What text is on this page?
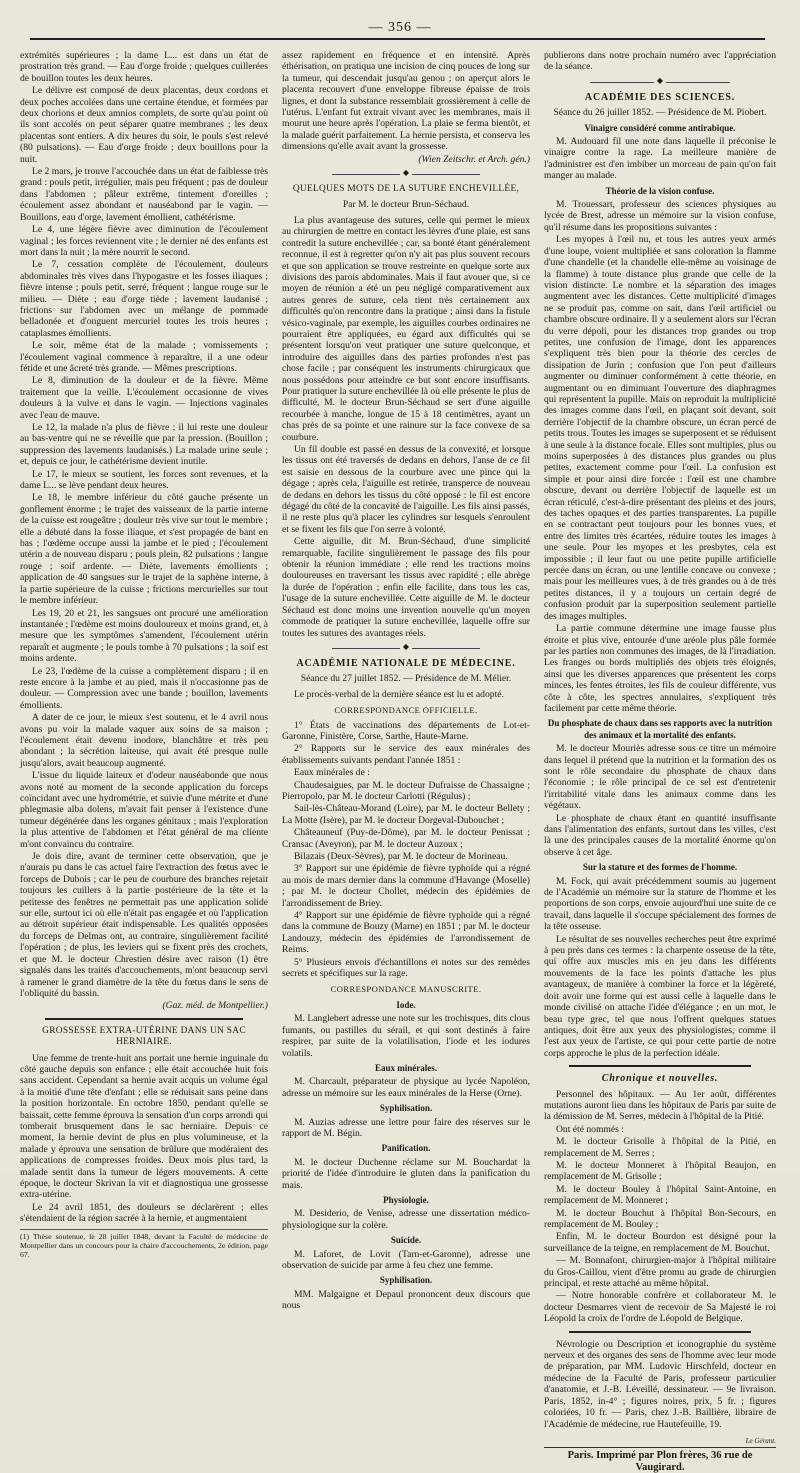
— 356 —

extrémités supérieures ; la dame L... est dans un état de prostration très grand. — Eau d'orge froide ; quelques cuillerées de bouillon toutes les deux heures.

Le délivre est composé de deux placentas, deux cordons et deux poches accolées dans une certaine étendue, et formées par deux chorions et deux amnios complets, de sorte qu'au point où ils sont accolés on peut séparer quatre membranes ; les deux placentas sont entiers. A dix heures du soir, le pouls s'est relevé (80 pulsations). — Eau d'orge froide ; deux bouillons pour la nuit.

Le 2 mars, je trouve l'accouchée dans un état de faiblesse très grand : pouls petit, irrégulier, mais peu fréquent ; pas de douleur dans l'abdomen ; pâleur extrême, tintement d'oreilles ; écoulement assez abondant et nauséabond par le vagin. — Bouillons, eau d'orge, lavement émollient, cathétérisme.

Le 4, une légère fièvre avec diminution de l'écoulement vaginal ; les forces reviennent vite ; le dernier né des enfants est mort dans la nuit ; la mère nourrit le second.

Le 7, cessation complète de l'écoulement, douleurs abdominales très vives dans l'hypogastre et les fosses iliaques ; fièvre intense ; pouls petit, serré, fréquent ; langue rouge sur le milieu. — Diète ; eau d'orge tiède ; lavement laudanisé ; frictions sur l'abdomen avec un mélange de pommade belladonée et d'onguent mercuriel toutes les trois heures ; cataplasmes émollients.

Le soir, même état de la malade ; vomissements ; l'écoulement vaginal commence à reparaître, il a une odeur fétide et une âcreté très grande. — Mêmes prescriptions.

Le 8, diminution de la douleur et de la fièvre. Même traitement que la veille. L'écoulement occasionne de vives douleurs à la vulve et dans le vagin. — Injections vaginales avec l'eau de mauve.

Le 12, la malade n'a plus de fièvre ; il lui reste une douleur au bas-ventre qui ne se réveille que par la pression. (Bouillon ; suppression des lavements laudanisés.) La malade urine seule ; et, depuis ce jour, le cathétérisme devient inutile.

Le 17, le mieux se soutient, les forces sont revenues, et la dame L... se lève pendant deux heures.

Le 18, le membre inférieur du côté gauche présente un gonflement énorme ; le trajet des vaisseaux de la partie interne de la cuisse est rougeâtre ; douleur très vive sur tout le membre ; elle a débuté dans la fosse iliaque, et s'est propagée de bant en bas ; l'œdème occupe aussi la jambe et le pied ; l'écoulement utérin a de nouveau disparu ; pouls plein, 82 pulsations ; langue rouge ; soif ardente. — Diète, lavements émollients ; application de 40 sangsues sur le trajet de la saphène interne, à la partie supérieure de la cuisse ; frictions mercurielles sur tout le membre inférieur.

Les 19, 20 et 21, les sangsues ont procuré une amélioration instantanée ; l'œdème est moins douloureux et moins grand, et, à mesure que les symptômes s'amendent, l'écoulement utérin reparaît et augmente ; le pouls tombe à 70 pulsations ; la soif est moins ardente.

Le 23, l'œdème de la cuisse a complètement disparu ; il en reste encore à la jambe et au pied, mais il n'occasionne pas de douleur. — Compression avec une bande ; bouillon, lavements émollients.

A dater de ce jour, le mieux s'est soutenu, et le 4 avril nous avons pu voir la malade vaquer aux soins de sa maison ; l'écoulement était devenu inodore, blanchâtre et très peu abondant ; la sécrétion laiteuse, qui avait été presque nulle jusqu'alors, avait beaucoup augmenté.

L'issue du liquide laiteux et d'odeur nauséabonde que nous avons noté au moment de la seconde application du forceps coïncidant avec une hydrométrie, et suivie d'une métrite et d'une phlegmasie alba dolens, m'avait fait penser à l'existence d'une tumeur dégénérée dans les organes génitaux ; mais l'exploration la plus attentive de l'abdomen et l'état général de ma cliente m'ont convaincu du contraire.

Je dois dire, avant de terminer cette observation, que je n'aurais pu dans le cas actuel faire l'extraction des fœtus avec le forceps de Dubois ; car le peu de courbure des branches rejetait toujours les cuillers à la partie postérieure de la tête et la petitesse des fenêtres ne permettait pas une application solide sur elle, surtout ici où elle n'était pas engagée et où l'application au détroit supérieur était indispensable. Les qualités opposées du forceps de Delmas ont, au contraire, singulièrement facilité l'opération ; de plus, les leviers qui se fixent près des crochets, et que M. le docteur Chrestien désire avec raison (1) être signalés dans les traités d'accouchements, m'ont beaucoup servi à ramener le grand diamètre de la tête du fœtus dans le sens de l'obliquité du bassin.

(Gaz. méd. de Montpellier.)

GROSSESSE EXTRA-UTÉRINE DANS UN SAC HERNIAIRE.

Une femme de trente-huit ans portait une hernie inguinale du côté gauche depuis son enfance ; elle était accouchée huit fois sans accident. Cependant sa hernie avait acquis un volume égal à la moitié d'une tête d'enfant ; elle se réduisait sans peine dans la position horizontale. En octobre 1850, pendant qu'elle se baissait, cette femme éprouva la sensation d'un corps arrondi qui tomberait brusquement dans le sac herniaire. Depuis ce moment, la hernie devint de plus en plus volumineuse, et la malade y éprouva une sensation de brûlure que modéraient des applications de compresses froides. Deux mois plus tard, la malade sentit dans la tumeur de légers mouvements. A cette époque, le docteur Skrivan la vit et diagnostiqua une grossesse extra-utérine.

Le 24 avril 1851, des douleurs se déclarèrent ; elles s'étendaient de la région sacrée à la hernie, et augmentaient

(1) Thèse soutenue, le 28 juillet 1848, devant la Faculté de médecine de Montpellier dans un concours pour la chaire d'accouchements, 2e édition, page 67.

assez rapidement en fréquence et en intensité. Après éthérisation, on pratiqua une incision de cinq pouces de long sur la tumeur, qui descendait jusqu'au genou ; on aperçut alors le placenta recouvert d'une enveloppe fibreuse épaisse de trois lignes, et dont la substance ressemblait grossièrement à celle de l'utérus. L'enfant fut extrait vivant avec les membranes, mais il mourut une heure après l'opération. La plaie se ferma bientôt, et la malade guérit parfaitement. La hernie persista, et conserva les dimensions qu'elle avait avant la grossesse.

(Wien Zeitschr. et Arch. gén.)

◆
QUELQUES MOTS DE LA SUTURE ENCHEVILLÉE,
Par M. le docteur Brun-Séchaud.

La plus avantageuse des sutures, celle qui permet le mieux au chirurgien de mettre en contact les lèvres d'une plaie, est sans contredit la suture enchevillée ; car, sa bonté étant généralement reconnue, il est à regretter qu'on n'y ait pas plus souvent recours et que son application se trouve restreinte en quelque sorte aux divisions des parois abdominales. Mais il faut avouer que, si ce moyen de réunion a été un peu négligé comparativement aux autres genres de suture, cela tient très certainement aux difficultés qu'on rencontre dans la pratique ; ainsi dans la fistule vésico-vaginale, par exemple, les aiguilles courbes ordinaires ne pourraient être appliquées, eu égard aux difficultés qui se présentent lorsqu'on veut pratiquer une suture quelconque, et introduire des aiguilles dans des parties profondes n'est pas chose facile ; par conséquent les instruments chirurgicaux que nous possédons pour atteindre ce but sont encore insuffisants. Pour pratiquer la suture enchevillée là où elle présente le plus de difficulté, M. le docteur Brun-Séchaud se sert d'une aiguille recourbée à manche, longue de 15 à 18 centimètres, ayant un chas près de sa pointe et une rainure sur la face convexe de sa courbure.

Un fil double est passé en dessus de la convexité, et lorsque les tissus ont été traversés de dedans en dehors, l'anse de ce fil est saisie en dessous de la courbure avec une pince qui la dégage ; après cela, l'aiguille est retirée, transperce de nouveau de dedans en dehors les tissus du côté opposé : le fil est encore dégagé du côté de la concavité de l'aiguille. Les fils ainsi passés, il ne reste plus qu'à placer les cylindres sur lesquels s'enroulent et se fixent les fils que l'on serre à volonté.

Cette aiguille, dit M. Brun-Séchaud, d'une simplicité remarquable, facilite singulièrement le passage des fils pour obtenir la réunion immédiate ; elle rend les tractions moins douloureuses en traversant les tissus avec rapidité ; elle abrège la durée de l'opération ; enfin elle facilite, dans tous les cas, l'usage de la suture enchevillée. Cette aiguille de M. le docteur Séchaud est donc moins une invention nouvelle qu'un moyen commode de pratiquer la suture enchevillée, laquelle offre sur toutes les sutures des avantages réels.

◆
ACADÉMIE NATIONALE DE MÉDECINE.
Séance du 27 juillet 1852. — Présidence de M. Mélier.

Le procès-verbal de la dernière séance est lu et adopté.

CORRESPONDANCE OFFICIELLE.

1° États de vaccinations des départements de Lot-et-Garonne, Finistère, Corse, Sarthe, Haute-Marne.

2° Rapports sur le service des eaux minérales des établissements suivants pendant l'année 1851 :

Eaux minérales de :

Chaudesaigues, par M. le docteur Dufraisse de Chassaigne ; Pierropolo, par M. le docteur Carlotti (Régulus) ;

Sail-lès-Château-Morand (Loire), par M. le docteur Bellety ; La Motte (Isère), par M. le docteur Dorgeval-Dubouchet ;

Châteauneuf (Puy-de-Dôme), par M. le docteur Penissat ; Cransac (Aveyron), par M. le docteur Auzoux ;

Bilazais (Deux-Sèvres), par M. le docteur de Morineau.

3° Rapport sur une épidémie de fièvre typhoïde qui a régné au mois de mars dernier dans la commune d'Havange (Moselle) ; par M. le docteur Chollet, médecin des épidémies de l'arrondissement de Briey.

4° Rapport sur une épidémie de fièvre typhoïde qui a régné dans la commune de Bouzy (Marne) en 1851 ; par M. le docteur Landouzy, médecin des épidémies de l'arrondissement de Reims.

5° Plusieurs envois d'échantillons et notes sur des remèdes secrets et spécifiques sur la rage.

CORRESPONDANCE MANUSCRITE.
Iode.

M. Langlebert adresse une note sur les trochisques, dits clous fumants, ou pastilles du sérail, et qui sont destinés à faire respirer, par suite de la volatilisation, l'iode et les iodures volatils.

Eaux minérales.

M. Charcault, préparateur de physique au lycée Napoléon, adresse un mémoire sur les eaux minérales de la Herse (Orne).

Syphilisation.

M. Auzias adresse une lettre pour faire des réserves sur le rapport de M. Bégin.

Panification.

M. le docteur Duchenne réclame sur M. Bouchardat la priorité de l'idée d'introduire le gluten dans la panification du mais.

Physiologie.

M. Desiderio, de Venise, adresse une dissertation médico-physiologique sur la colère.

Suicide.

M. Laforet, de Lovit (Tarn-et-Garonne), adresse une observation de suicide par arme à feu chez une femme.

Syphilisation.

MM. Malgaigne et Depaul prononcent deux discours que nous

publierons dans notre prochain numéro avec l'appréciation de la séance.

◆
ACADÉMIE DES SCIENCES.
Séance du 26 juillet 1852. — Présidence de M. Piobert.
Vinaigre considéré comme antirabique.

M. Audouard fil une note dans laquelle il préconise le vinaigre contre la rage. La meilleure manière de l'administrer est d'en imbiber un morceau de pain qu'on fait manger au malade.

Théorie de la vision confuse.

M. Trouessart, professeur des sciences physiques au lycée de Brest, adresse un mémoire sur la vision confuse, qu'il résume dans les propositions suivantes :

Les myopes à l'œil nu, et tous les autres yeux armés d'une loupe, voient multipliée et sans coloration la flamme d'une chandelle (et la chandelle elle-même au voisinage de la flamme) à toute distance plus grande que celle de la vision distincte. Le nombre et la séparation des images augmentent avec les distances. Cette multiplicité d'images ne se produit pas, comme on sait, dans l'œil artificiel ou chambre obscure ordinaire. Il y a seulement alors sur l'écran du verre dépoli, pour les distances trop grandes ou trop petites, une confusion de l'image, dont les apparences s'expliquent très bien pour la théorie des cercles de dissipation de Jurin ; confusion que l'on peut d'ailleurs augmenter ou diminuer conformément à cette théorie, en augmentant ou en diminuant l'ouverture des diaphragmes qui représentent la pupille. Mais on reproduit la multiplicité des images comme dans l'œil, en plaçant soit devant, soit derrière l'objectif de la chambre obscure, un écran percé de petits trous. Toutes les images se superposent et se réduisent à une seule à la distance focale. Elles sont multiples, plus ou moins superposées à des distances plus grandes ou plus petites, exactement comme pour l'œil. La confusion est simple et pour ainsi dire forcée : l'œil est une chambre obscure, devant ou derrière l'objectif de laquelle est un écran réticulé, c'est-à-dire présentant des pleins et des jours, des taches opaques et des parties transparentes. La pupille en se contractant peut toujours pour les bonnes vues, et entre des limites très écartées, réduire toutes les images à une seule. Pour les myopes et les presbytes, cela est impossible ; il leur faut ou une petite pupille artificielle percée dans un écran, ou une lentille concave ou convexe ; mais pour les meilleures vues, à de très grandes ou à de très petites distances, il y a toujours un certain degré de confusion produit par la superposition seulement partielle des images multiples.

La partie commune détermine une image fausse plus étroite et plus vive, entourée d'une aréole plus pâle formée par les parties non communes des images, de là l'irradiation. Les franges ou bords multipliés des objets très éloignés, ainsi que les diverses apparences que présentent les corps minces, les fentes étroites, les fils de couleur différente, vus côte à côte, les spectres annulaires, s'expliquent très facilement par cette même théorie.

Du phosphate de chaux dans ses rapports avec la nutrition des animaux et la mortalité des enfants.

M. le docteur Mouriès adresse sous ce titre un mémoire dans lequel il prétend que la nutrition et la formation des os sont le rôle secondaire du phosphate de chaux dans l'économie ; le rôle principal de ce sel est d'entretenir l'irritabilité vitale dans les animaux comme dans les végétaux.

Le phosphate de chaux étant en quantité insuffisante dans l'alimentation des enfants, surtout dans les villes, c'est là une des principales causes de la mortalité énorme qu'on observe à cet âge.

Sur la stature et des formes de l'homme.

M. Fock, qui avait précédemment soumis au jugement de l'Académie un mémoire sur la stature de l'homme et les proportions de son corps, envoie aujourd'hui une suite de ce travail, dans laquelle il s'occupe spécialement des formes de la tête osseuse.

Le résultat de ses nouvelles recherches peut être exprimé à peu près dans ces termes : la charpente osseuse de la tête, qui offre aux muscles mis en jeu dans les différents mouvements de la face les points d'attache les plus avantageux, de manière à combiner la force et la légèreté, doit avoir une forme qui est aussi celle à laquelle dans le monde civilisé on attache l'idée d'élégance ; en un mot, le beau type grec, tel que nous l'offrent quelques statues antiques, doit être aux yeux des physiologistes, comme il l'est aux yeux de l'artiste, ce qui pour cette partie de notre corps approche le plus de la perfection idéale.

Chronique et nouvelles.

Personnel des hôpitaux. — Au 1er août, différentes mutations auront lieu dans les hôpitaux de Paris par suite de la démission de M. Serres, médecin à l'hôpital de la Pitié.

Ont été nommés :

M. le docteur Grisolle à l'hôpital de la Pitié, en remplacement de M. Serres ;

M. le docteur Monneret à l'hôpital Beaujon, en remplacement de M. Grisolle ;

M. le docteur Bouley à l'hôpital Saint-Antoine, en remplacement de M. Monneret ;

M. le docteur Bouchut à l'hôpital Bon-Secours, en remplacement de M. Bouley ;

Enfin, M. le docteur Bourdon est désigné pour la surveillance de la teigne, en remplacement de M. Bouchut.

— M. Bonnafont, chirurgien-major à l'hôpital militaire du Gros-Caillou, vient d'être promu au grade de chirurgien principal, et reste attaché au même hôpital.

— Notre honorable confrère et collaborateur M. le docteur Desmarres vient de recevoir de Sa Majesté le roi Léopold la croix de l'ordre de Léopold de Belgique.

Névrologie ou Description et iconographie du système nerveux et des organes des sens de l'homme avec leur mode de préparation, par MM. Ludovic Hirschfeld, docteur en médecine de la Faculté de Paris, professeur particulier d'anatomie, et J.-B. Léveillé, dessinateur. — 9e livraison. Paris, 1852, in-4° ; figures noires, prix, 5 fr. ; figures coloriées, 10 fr. — Paris, chez J.-B. Baillière, libraire de l'Académie de médecine, rue Hautefeuille, 19.

Le Gérant.
Paris. Imprimé par Plon frères, 36 rue de Vaugirard.
